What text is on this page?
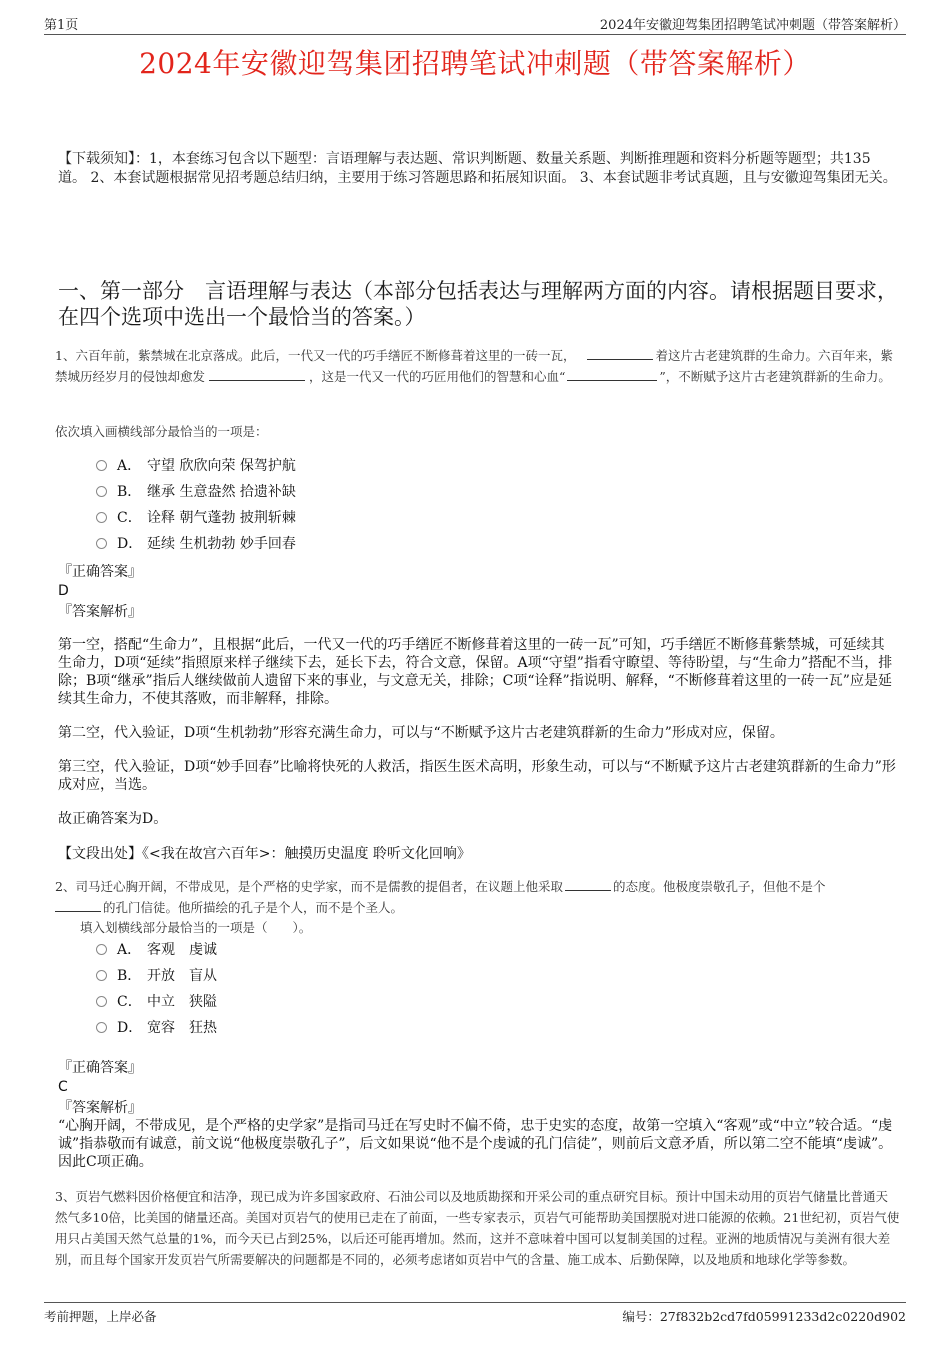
第1页	2024年安徽迎驾集团招聘笔试冲刺题（带答案解析）
2024年安徽迎驾集团招聘笔试冲刺题（带答案解析）
【下载须知】：1，本套练习包含以下题型：言语理解与表达题、常识判断题、数量关系题、判断推理题和资料分析题等题型；共135道。 2、本套试题根据常见招考题总结归纳，主要用于练习答题思路和拓展知识面。 3、本套试题非考试真题，且与安徽迎驾集团无关。
一、第一部分　言语理解与表达（本部分包括表达与理解两方面的内容。请根据题目要求，在四个选项中选出一个最恰当的答案。）
1、六百年前，紫禁城在北京落成。此后，一代又一代的巧手缮匠不断修葺着这里的一砖一瓦，	着这片古老建筑群的生命力。六百年来，紫禁城历经岁月的侵蚀却愈发	，这是一代又一代的巧匠用他们的智慧和心血“	”，不断赋予这片古老建筑群新的生命力。
依次填入画横线部分最恰当的一项是：
A． 守望 欣欣向荣 保驾护航
B． 继承 生意盎然 拾遗补缺
C． 诠释 朝气蓬勃 披荆斩棘
D． 延续 生机勃勃 妙手回春
『正确答案』
D
『答案解析』
第一空，搭配“生命力”，且根据“此后，一代又一代的巧手缮匠不断修葺着这里的一砖一瓦”可知，巧手缮匠不断修葺紫禁城，可延续其生命力，D项“延续”指照原来样子继续下去，延长下去，符合文意，保留。A项“守望”指看守瞭望、等待盼望，与“生命力”搭配不当，排除；B项“继承”指后人继续做前人遗留下来的事业，与文意无关，排除；C项“诠释”指说明、解释，“不断修葺着这里的一砖一瓦”应是延续其生命力，不使其落败，而非解释，排除。
第二空，代入验证，D项“生机勃勃”形容充满生命力，可以与“不断赋予这片古老建筑群新的生命力”形成对应，保留。
第三空，代入验证，D项“妙手回春”比喻将快死的人救活，指医生医术高明，形象生动，可以与“不断赋予这片古老建筑群新的生命力”形成对应，当选。
故正确答案为D。
【文段出处】《<我在故宫六百年>：触摸历史温度 聆听文化回响》
2、司马迁心胸开阔，不带成见，是个严格的史学家，而不是儒教的提倡者，在议题上他采取	的态度。他极度崇敬孔子，但他不是个
的孔门信徒。他所描绘的孔子是个人，而不是个圣人。
填入划横线部分最恰当的一项是（　　）。
A． 客观　虔诚
B． 开放　盲从
C． 中立　狭隘
D． 宽容　狂热
『正确答案』
C
『答案解析』
“心胸开阔，不带成见，是个严格的史学家”是指司马迁在写史时不偏不倚，忠于史实的态度，故第一空填入“客观”或“中立”较合适。“虔诚”指恭敬而有诚意，前文说“他极度崇敬孔子”，后文如果说“他不是个虔诚的孔门信徒”，则前后文意矛盾，所以第二空不能填“虔诚”。因此C项正确。
3、页岩气燃料因价格便宜和洁净，现已成为许多国家政府、石油公司以及地质勘探和开采公司的重点研究目标。预计中国未动用的页岩气储量比普通天然气多10倍，比美国的储量还高。美国对页岩气的使用已走在了前面，一些专家表示，页岩气可能帮助美国摆脱对进口能源的依赖。21世纪初，页岩气使用只占美国天然气总量的1%，而今天已占到25%，以后还可能再增加。然而，这并不意味着中国可以复制美国的过程。亚洲的地质情况与美洲有很大差别，而且每个国家开发页岩气所需要解决的问题都是不同的，必须考虑诸如页岩中气的含量、施工成本、后勤保障，以及地质和地球化学等参数。
考前押题，上岸必备	编号：27f832b2cd7fd05991233d2c0220d902
